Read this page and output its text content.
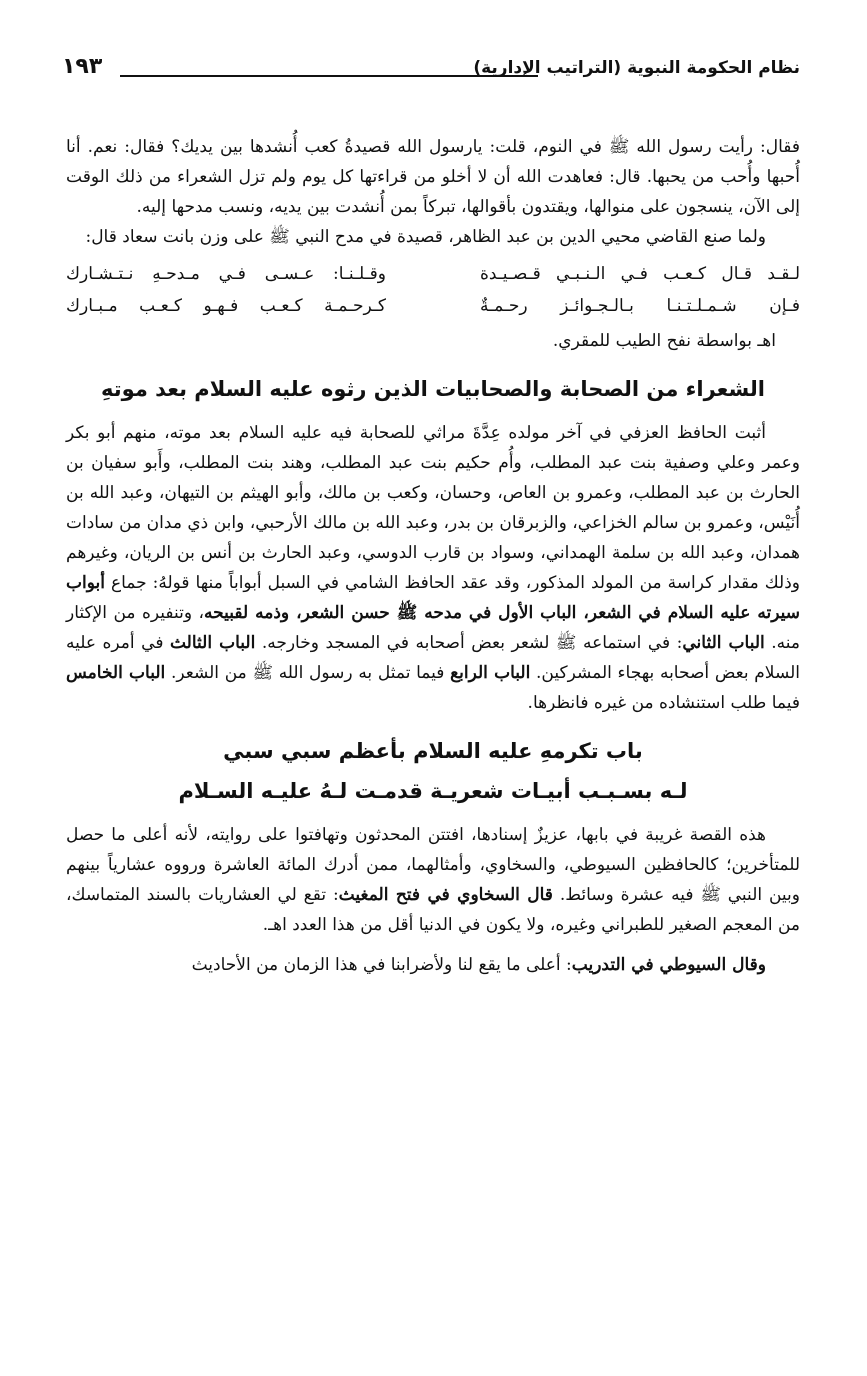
نظام الحكومة النبوية (التراتيب الإدارية)
١٩٣

فقال: رأيت رسول الله ﷺ في النوم، قلت: يارسول الله قصيدةُ كعب أُنشدها بين يديك؟ فقال: نعم. أنا أُحبها وأُحب من يحبها. قال: فعاهدت الله أن لا أخلو من قراءتها كل يوم ولم تزل الشعراء من ذلك الوقت إلى الآن، ينسجون على منوالها، ويقتدون بأقوالها، تبركاً بمن أُنشدت بين يديه، ونسب مدحها إليه.

ولما صنع القاضي محيي الدين بن عبد الظاهر، قصيدة في مدح النبي ﷺ على وزن بانت سعاد قال:

لـقـد قـال كـعـب فـي الـنـبـي قـصـيـدة
وقـلـنـا: عـسـى فـي مـدحـهِ نـتـشـارك
فـإن شـمـلـتـنـا بـالـجـوائـز رحـمـةٌ
كـرحـمـة كـعـب فـهـو كـعـب مـبـارك

اهـ بواسطة نفح الطيب للمقري.

الشعراء من الصحابة والصحابيات الذين رثوه عليه السلام بعد موتهِ

أثبت الحافظ العزفي في آخر مولده عِدَّةَ مراثي للصحابة فيه عليه السلام بعد موته، منهم أبو بكر وعمر وعلي وصفية بنت عبد المطلب، وأُم حكيم بنت عبد المطلب، وهند بنت المطلب، وأَبو سفيان بن الحارث بن عبد المطلب، وعمرو بن العاص، وحسان، وكعب بن مالك، وأبو الهيثم بن التيهان، وعبد الله بن أُنَيْس، وعمرو بن سالم الخزاعي، والزبرقان بن بدر، وعبد الله بن مالك الأرحبي، وابن ذي مدان من سادات همدان، وعبد الله بن سلمة الهمداني، وسواد بن قارب الدوسي، وعبد الحارث بن أنس بن الريان، وغيرهم وذلك مقدار كراسة من المولد المذكور، وقد عقد الحافظ الشامي في السبل أبواباً منها قولهُ: جماع أبواب سيرته عليه السلام في الشعر، الباب الأول في مدحه ﷺ حسن الشعر، وذمه لقبيحه، وتنفيره من الإكثار منه. الباب الثاني: في استماعه ﷺ لشعر بعض أصحابه في المسجد وخارجه. الباب الثالث في أمره عليه السلام بعض أصحابه بهجاء المشركين. الباب الرابع فيما تمثل به رسول الله ﷺ من الشعر. الباب الخامس فيما طلب استنشاده من غيره فانظرها.

باب تكرمهِ عليه السلام بأعظم سبي سبي
لـه بسـبـب أبيـات شعريـة قدمـت لـهُ عليـه السـلام

هذه القصة غريبة في بابها، عزيزٌ إسنادها، افتتن المحدثون وتهافتوا على روايته، لأنه أعلى ما حصل للمتأخرين؛ كالحافظين السيوطي، والسخاوي، وأمثالهما، ممن أدرك المائة العاشرة ورووه عشارياً بينهم وبين النبي ﷺ فيه عشرة وسائط. قال السخاوي في فتح المغيث: تقع لي العشاريات بالسند المتماسك، من المعجم الصغير للطبراني وغيره، ولا يكون في الدنيا أقل من هذا العدد اهـ.

وقال السيوطي في التدريب: أعلى ما يقع لنا ولأضرابنا في هذا الزمان من الأحاديث
